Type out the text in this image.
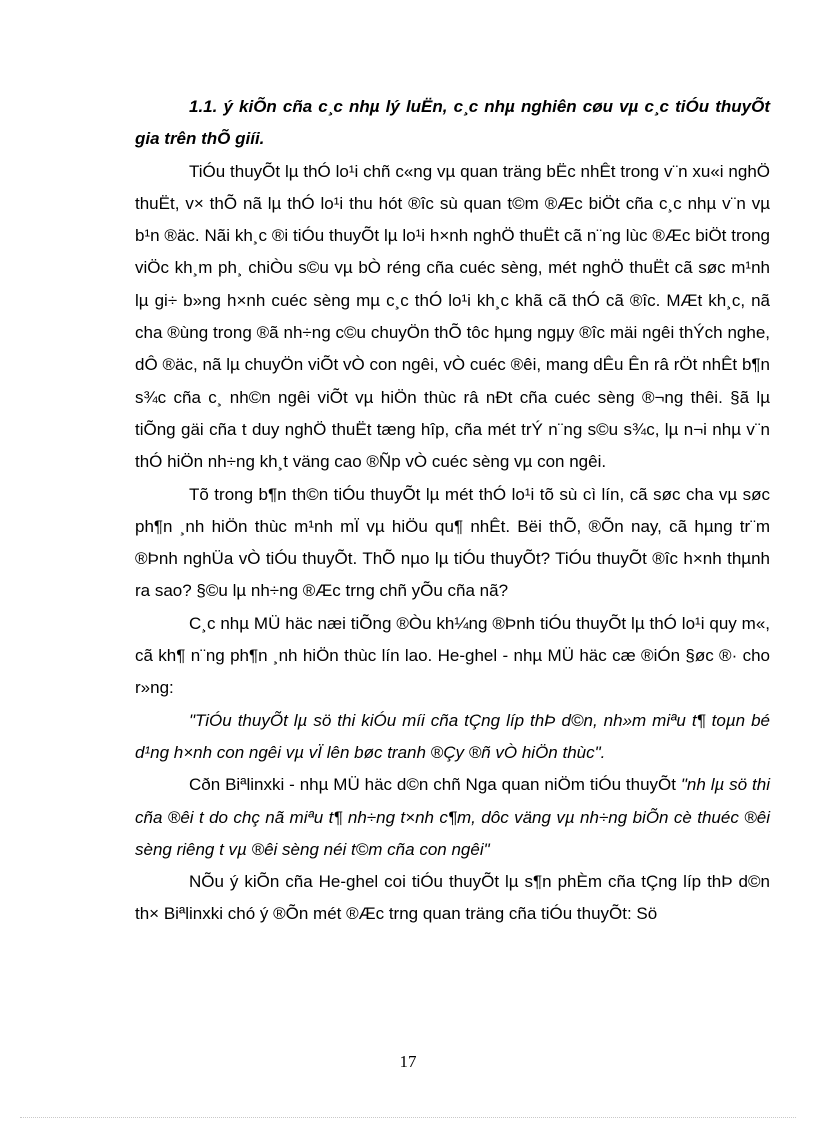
1.1. ý kiÕn cña c¸c nhµ lý luËn, c¸c nhµ nghiên cøu vµ c¸c tiÓu thuyÕt gia trên thÕ giíi.

TiÓu thuyÕt lµ thÓ lo¹i chñ c«ng vµ quan träng bËc nhÊt trong v¨n xu«i nghÖ thuËt, v× thÕ nã lµ thÓ lo¹i thu hót ®îc sù quan t©m ®Æc biÖt cña c¸c nhµ v¨n vµ b¹n ®äc. Nãi kh¸c ®i tiÓu thuyÕt lµ lo¹i h×nh nghÖ thuËt cã n¨ng lùc ®Æc biÖt trong viÖc kh¸m ph¸ chiÒu s©u vµ bÒ réng cña cuéc sèng, mét nghÖ thuËt cã søc m¹nh lµ gi÷ b»ng h×nh cuéc sèng mµ c¸c thÓ lo¹i kh¸c khã cã thÓ cã ®îc. MÆt kh¸c, nã cha ®ùng trong ®ã nh÷ng c©u chuyÖn thÕ tôc hµng ngµy ®îc mäi ngêi thÝch nghe, dÔ ®äc, nã lµ chuyÖn viÕt vÒ con ngêi, vÒ cuéc ®êi, mang dÊu Ên râ rÖt nhÊt b¶n s¾c cña c¸ nh©n ngêi viÕt vµ hiÖn thùc râ nÐt cña cuéc sèng ®¬ng thêi. §ã lµ tiÕng gäi cña t duy nghÖ thuËt tæng hîp, cña mét trÝ n¨ng s©u s¾c, lµ n¬i nhµ v¨n thÓ hiÖn nh÷ng kh¸t väng cao ®Ñp vÒ cuéc sèng vµ con ngêi.

Tõ trong b¶n th©n tiÓu thuyÕt lµ mét thÓ lo¹i tõ sù cì lín, cã søc cha vµ søc ph¶n ¸nh hiÖn thùc m¹nh mÏ vµ hiÖu qu¶ nhÊt. Bëi thÕ, ®Õn nay, cã hµng tr¨m ®Þnh nghÜa vÒ tiÓu thuyÕt. ThÕ nµo lµ tiÓu thuyÕt? TiÓu thuyÕt ®îc h×nh thµnh ra sao? §©u lµ nh÷ng ®Æc trng chñ yÕu cña nã?

C¸c nhµ MÜ häc næi tiÕng ®Òu kh¼ng ®Þnh tiÓu thuyÕt lµ thÓ lo¹i quy m«, cã kh¶ n¨ng ph¶n ¸nh hiÖn thùc lín lao. He-ghel - nhµ MÜ häc cæ ®iÓn §øc ®· cho r»ng:

"TiÓu thuyÕt lµ sö thi kiÓu míi cña tÇng líp thÞ d©n, nh»m miªu t¶ toµn bé d¹ng h×nh con ngêi vµ vÏ lên bøc tranh ®Çy ®ñ vÒ hiÖn thùc".

Cðn Biªlinxki - nhµ MÜ häc d©n chñ Nga quan niÖm tiÓu thuyÕt "nh lµ sö thi cña ®êi t do chç nã miªu t¶ nh÷ng t×nh c¶m, dôc väng vµ nh÷ng biÕn cè thuéc ®êi sèng riêng t vµ ®êi sèng néi t©m cña con ngêi"

NÕu ý kiÕn cña He-ghel coi tiÓu thuyÕt lµ s¶n phÈm cña tÇng líp thÞ d©n th× Biªlinxki chó ý ®Õn mét ®Æc trng quan träng cña tiÓu thuyÕt: Sö

17
